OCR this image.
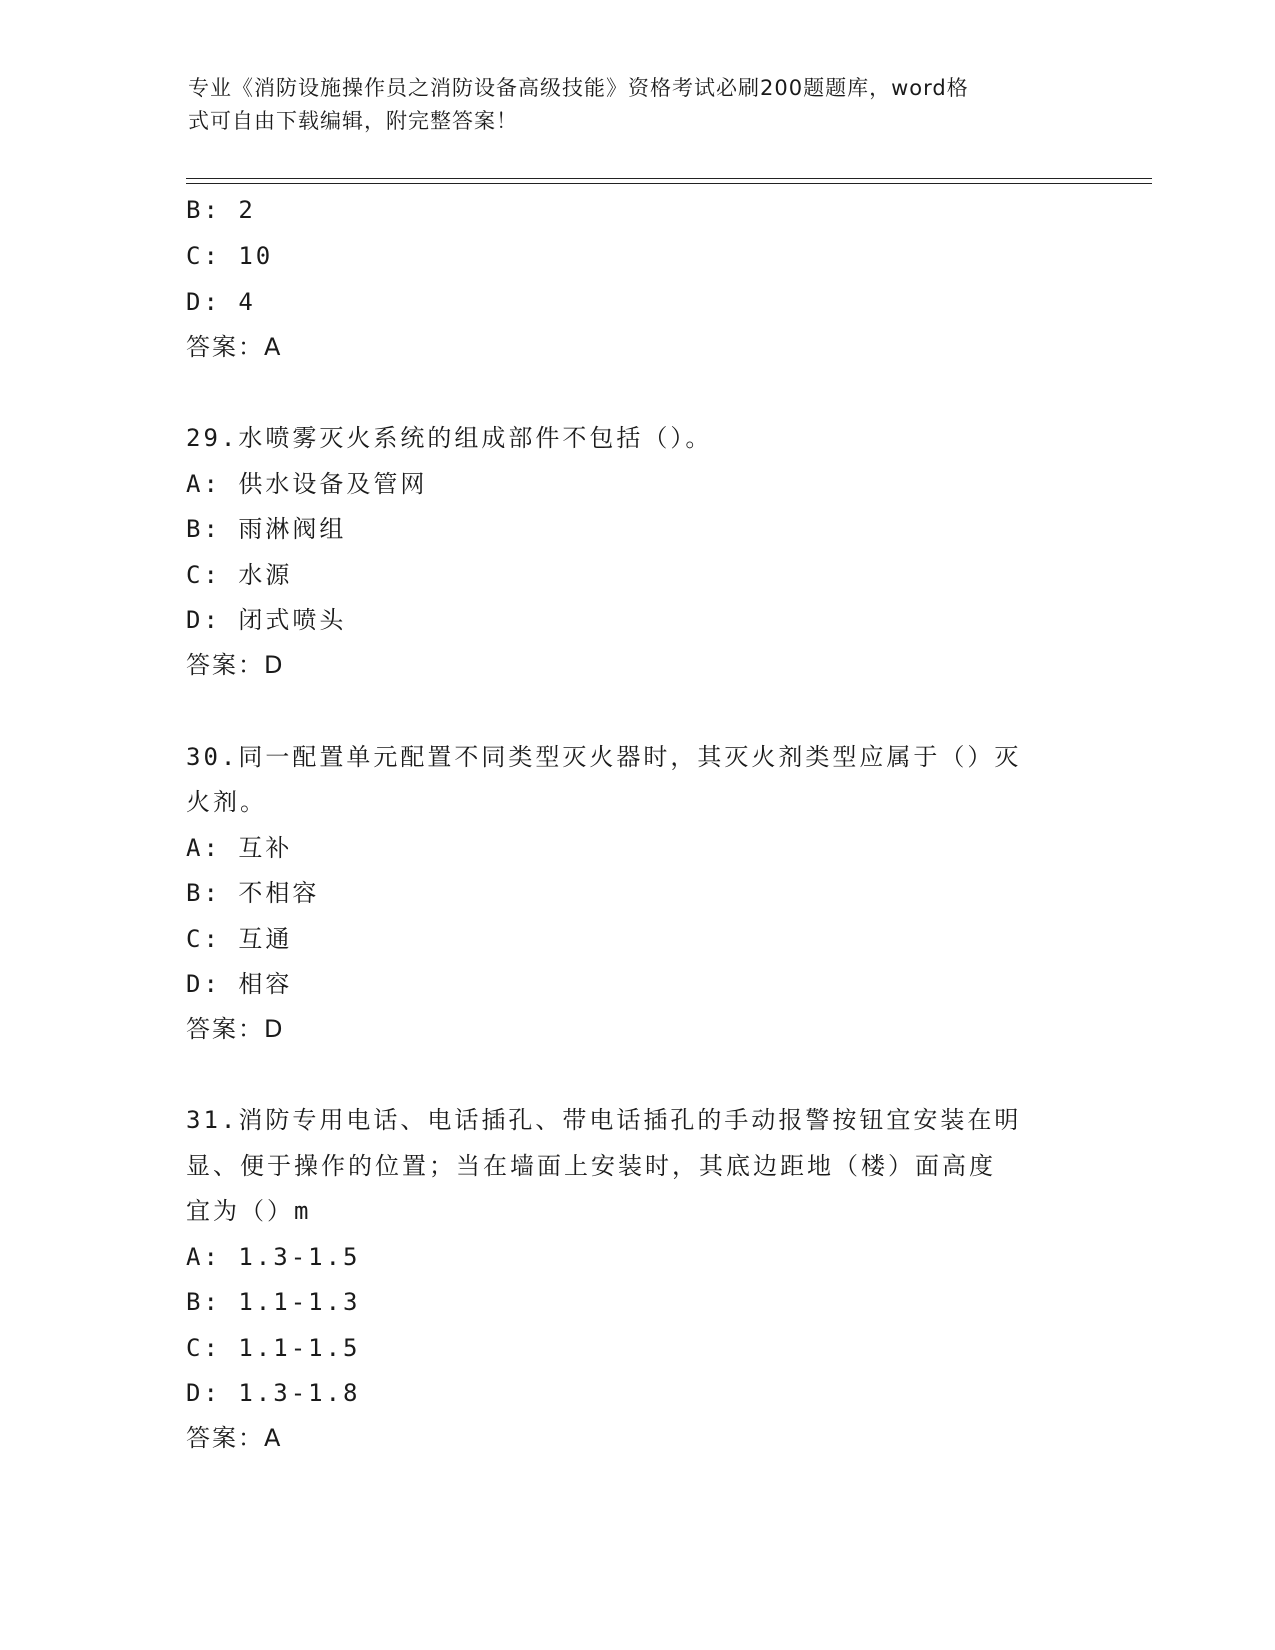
专业《消防设施操作员之消防设备高级技能》资格考试必刷200题题库，word格
式可自由下载编辑，附完整答案！
B: 2
C: 10
D: 4
答案：A
29.水喷雾灭火系统的组成部件不包括（）。
A: 供水设备及管网
B: 雨淋阀组
C: 水源
D: 闭式喷头
答案：D
30.同一配置单元配置不同类型灭火器时，其灭火剂类型应属于（）灭
火剂。
A: 互补
B: 不相容
C: 互通
D: 相容
答案：D
31.消防专用电话、电话插孔、带电话插孔的手动报警按钮宜安装在明
显、便于操作的位置；当在墙面上安装时，其底边距地（楼）面高度
宜为（）m
A: 1.3-1.5
B: 1.1-1.3
C: 1.1-1.5
D: 1.3-1.8
答案：A
